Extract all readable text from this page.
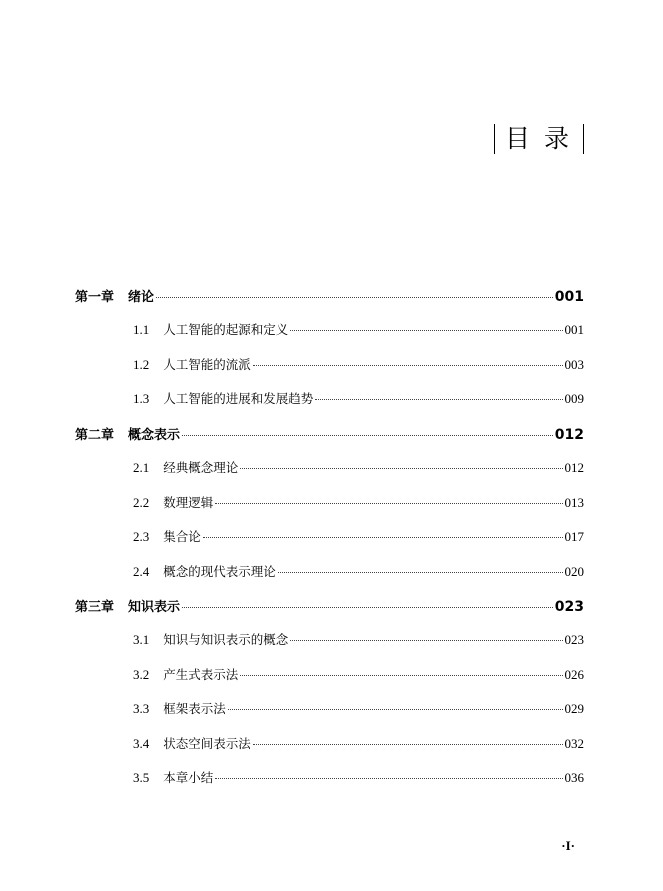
目录
第一章 绪论	001
1.1 人工智能的起源和定义	001
1.2 人工智能的流派	003
1.3 人工智能的进展和发展趋势	009
第二章 概念表示	012
2.1 经典概念理论	012
2.2 数理逻辑	013
2.3 集合论	017
2.4 概念的现代表示理论	020
第三章 知识表示	023
3.1 知识与知识表示的概念	023
3.2 产生式表示法	026
3.3 框架表示法	029
3.4 状态空间表示法	032
3.5 本章小结	036
·I·
